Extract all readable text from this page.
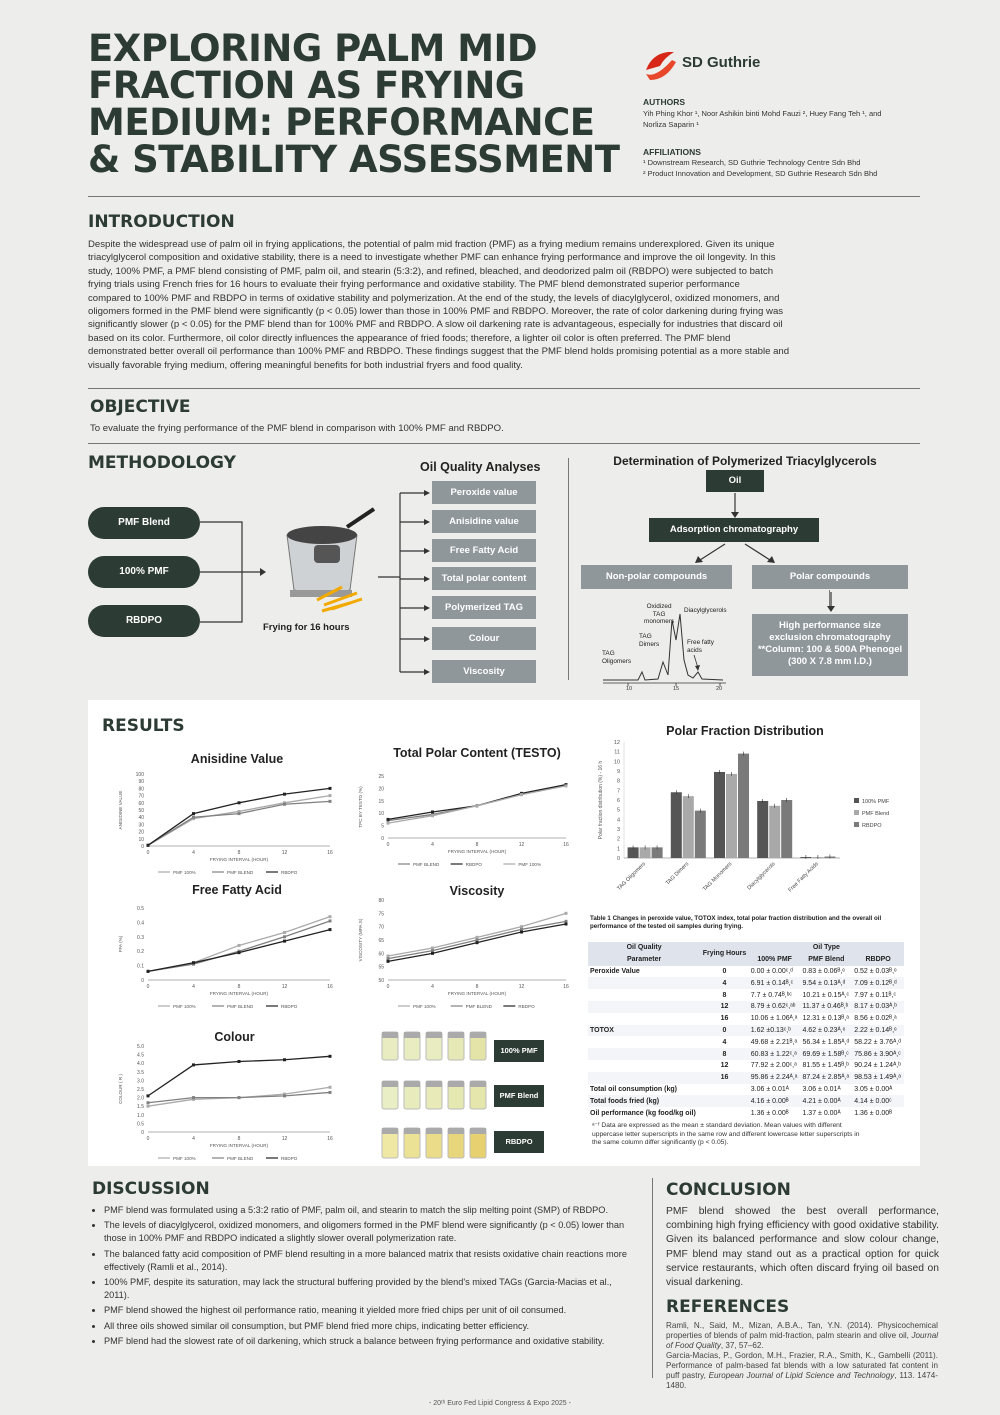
EXPLORING PALM MID
FRACTION AS FRYING
MEDIUM: PERFORMANCE
& STABILITY ASSESSMENT
SD Guthrie
AUTHORS
Yih Phing Khor ¹, Noor Ashikin binti Mohd Fauzi ², Huey Fang Teh ¹, and
Norliza Saparin ¹
AFFILIATIONS
¹ Downstream Research, SD Guthrie Technology Centre Sdn Bhd
² Product Innovation and Development, SD Guthrie Research Sdn Bhd
INTRODUCTION
Despite the widespread use of palm oil in frying applications, the potential of palm mid fraction (PMF) as a frying medium remains underexplored. Given its unique
triacylglycerol composition and oxidative stability, there is a need to investigate whether PMF can enhance frying performance and improve the oil longevity. In this
study, 100% PMF, a PMF blend consisting of PMF, palm oil, and stearin (5:3:2), and refined, bleached, and deodorized palm oil (RBDPO) were subjected to batch
frying trials using French fries for 16 hours to evaluate their frying performance and oxidative stability. The PMF blend demonstrated superior performance
compared to 100% PMF and RBDPO in terms of oxidative stability and polymerization. At the end of the study, the levels of diacylglycerol, oxidized monomers, and
oligomers formed in the PMF blend were significantly (p < 0.05) lower than those in 100% PMF and RBDPO. Moreover, the rate of color darkening during frying was
significantly slower (p < 0.05) for the PMF blend than for 100% PMF and RBDPO. A slow oil darkening rate is advantageous, especially for industries that discard oil
based on its color. Furthermore, oil color directly influences the appearance of fried foods; therefore, a lighter oil color is often preferred. The PMF blend
demonstrated better overall oil performance than 100% PMF and RBDPO. These findings suggest that the PMF blend holds promising potential as a more stable and
visually favorable frying medium, offering meaningful benefits for both industrial fryers and food quality.
OBJECTIVE
To evaluate the frying performance of the PMF blend in comparison with 100% PMF and RBDPO.
METHODOLOGY
PMF Blend
100% PMF
RBDPO
Frying for 16 hours
Oil Quality Analyses
Peroxide value
Anisidine value
Free Fatty Acid
Total polar content
Polymerized TAG
Colour
Viscosity
Determination of Polymerized Triacylglycerols
Oil
Adsorption chromatography
Non-polar compounds	Polar compounds
High performance size
exclusion chromatography
**Column: 100 & 500A Phenogel
(300 X 7.8 mm I.D.)
Oxidized
TAG
monomers
Diacylglycerols
TAG
Dimers
TAG
Oligomers
Free fatty
acids
10	15	20
RESULTS
Anisidine Value
0
10
20
30
40
50
60
70
80
90
100
0	4	8	12	16
FRYING INTERVAL (HOUR)
ANISIDINE VALUE
PMF 100%	PMF BLEND	RBDPO
Total Polar Content (TESTO)
0
5
10
15
20
25
0	4	8	12	16
FRYING INTERVAL (HOUR)
TPC BY TESTO (%)
PMF BLEND	RBDPO	PMF 100%
Free Fatty Acid
0
0.1
0.2
0.3
0.4
0.5
0	4	8	12	16
FRYING INTERVAL (HOUR)
FFA (%)
PMF 100%	PMF BLEND	RBDPO
Viscosity
50
55
60
65
70
75
80
0	4	8	12	16
FRYING INTERVAL (HOUR)
VISCOSITY (MPA.S)
PMF 100%	PMF BLEND	RBDPO
Colour
0
0.5
1.0
1.5
2.0
2.5
3.0
3.5
4.0
4.5
5.0
0	4	8	12	16
FRYING INTERVAL (HOUR)
COLOUR ( R )
PMF 100%	PMF BLEND	RBDPO
100% PMF
PMF Blend
RBDPO
Polar Fraction Distribution
0
1
2
3
4
5
6
7
8
9
10
11
12
Polar fraction distribution (%) - 16 h
TAG Oligomers	TAG Dimers TAG Monomers Diacylglycerols Free Fatty Acids
100% PMF
PMF Blend
RBDPO
Table 1 Changes in peroxide value, TOTOX index, total polar fraction distribution and the overall oil
performance of the tested oil samples during frying.
Oil Quality	Frying Hours	Oil Type		
Parameter		100% PMF	PMF Blend	RBDPO
Peroxide Value	0	0.00 ± 0.00ᶜ,ᵈ	0.83 ± 0.06ᴮ,ᵉ	0.52 ± 0.03ᴮ,ᵉ
	4	6.91 ± 0.14ᴮ,ᶜ	9.54 ± 0.13ᴬ,ᵈ	7.09 ± 0.12ᴮ,ᵈ
	8	7.7 ± 0.74ᴮ,ᵇᶜ	10.21 ± 0.15ᴬ,ᶜ	7.97 ± 0.11ᴮ,ᶜ
	12	8.79 ± 0.62ᶜ,ᵃᵇ	11.37 ± 0.46ᴮ,ᵇ	8.17 ± 0.03ᴬ,ᵇ
	16	10.06 ± 1.06ᴬ,ᵃ	12.31 ± 0.13ᴮ,ᵃ	8.56 ± 0.02ᴮ,ᵃ
TOTOX	0	1.62 ±0.13ᶜ,ᵇ	4.62 ± 0.23ᴬ,ᵉ	2.22 ± 0.14ᴮ,ᵉ
	4	49.68 ± 2.21ᴮ,ᵃ	56.34 ± 1.85ᴬ,ᵈ	58.22 ± 3.76ᴬ,ᵈ
	8	60.83 ± 1.22ᶜ,ᵃ	69.69 ± 1.58ᴮ,ᶜ	75.86 ± 3.90ᴬ,ᶜ
	12	77.92 ± 2.00ᶜ,ᵃ	81.55 ± 1.45ᴮ,ᵇ	90.24 ± 1.24ᴬ,ᵇ
	16	95.86 ± 2.24ᴬ,ᵃ	87.24 ± 2.85ᴬ,ᵃ	98.53 ± 1.49ᴬ,ᵃ
Total oil consumption (kg)		3.06 ± 0.01ᴬ	3.06 ± 0.01ᴬ	3.05 ± 0.00ᴬ
Total foods fried (kg)		4.16 ± 0.00ᴮ	4.21 ± 0.00ᴬ	4.14 ± 0.00ᶜ
Oil performance (kg food/kg oil)		1.36 ± 0.00ᴮ	1.37 ± 0.00ᴬ	1.36 ± 0.00ᴮ
ᵃ⁻ᶠ Data are expressed as the mean ± standard deviation. Mean values with different
uppercase letter superscripts in the same row and different lowercase letter superscripts in
the same column differ significantly (p < 0.05).
DISCUSSION
• PMF blend was formulated using a 5:3:2 ratio of PMF, palm oil, and stearin to match the slip melting point (SMP) of RBDPO.
• The levels of diacylglycerol, oxidized monomers, and oligomers formed in the PMF blend were significantly (p < 0.05) lower than those in 100% PMF and RBDPO indicated a slightly slower overall polymerization rate.
• The balanced fatty acid composition of PMF blend resulting in a more balanced matrix that resists oxidative chain reactions more effectively (Ramli et al., 2014).
• 100% PMF, despite its saturation, may lack the structural buffering provided by the blend's mixed TAGs (Garcia-Macias et al., 2011).
• PMF blend showed the highest oil performance ratio, meaning it yielded more fried chips per unit of oil consumed.
• All three oils showed similar oil consumption, but PMF blend fried more chips, indicating better efficiency.
• PMF blend had the slowest rate of oil darkening, which struck a balance between frying performance and oxidative stability.
CONCLUSION
PMF blend showed the best overall performance, combining high frying efficiency with good oxidative stability. Given its balanced performance and slow colour change, PMF blend may stand out as a practical option for quick service restaurants, which often discard frying oil based on visual darkening.
REFERENCES
Ramli, N., Said, M., Mizan, A.B.A., Tan, Y.N. (2014). Physicochemical properties of blends of palm mid-fraction, palm stearin and olive oil, Journal of Food Quality, 37, 57–62.
Garcia-Macias, P., Gordon, M.H., Frazier, R.A., Smith, K., Gambelli (2011). Performance of palm-based fat blends with a low saturated fat content in puff pastry, European Journal of Lipid Science and Technology, 113. 1474-1480.
- 20ᵗʰ Euro Fed Lipid Congress & Expo 2025 -
